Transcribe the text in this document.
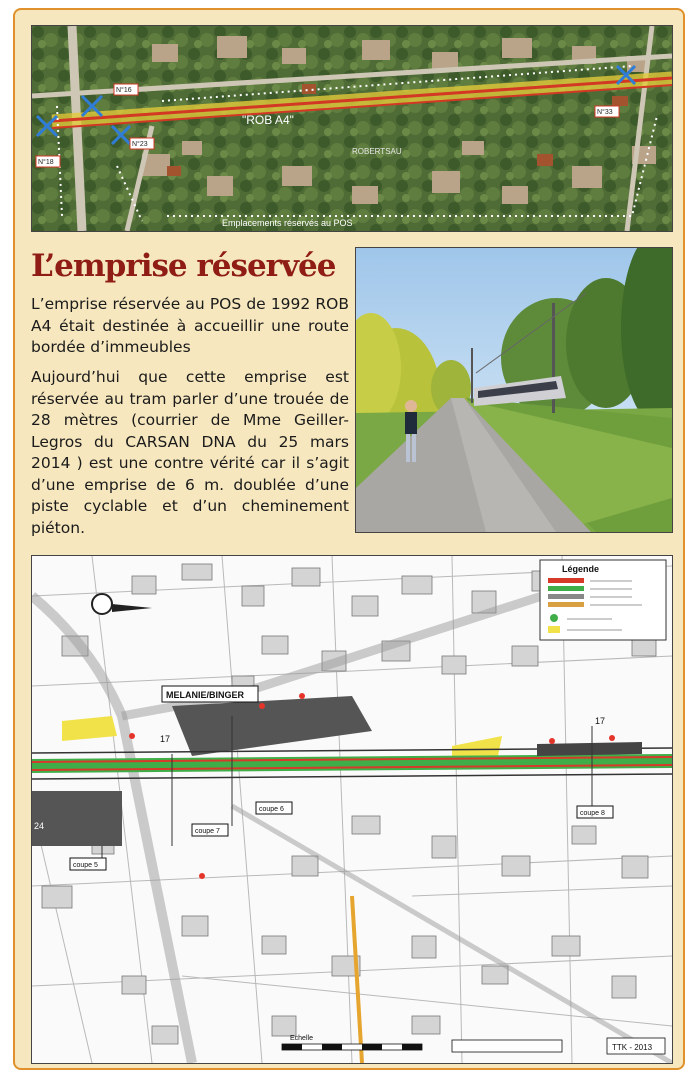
N°16
N°18
N°23
N°33
"ROB A4"
ROBERTSAU
Emplacements réservés au POS
L’emprise réservée

L’emprise réservée au POS de 1992 ROB A4 était destinée à accueillir une route bordée d’immeubles

Aujourd’hui que cette emprise est réservée au tram parler d’une trouée de 28 mètres (courrier de Mme Geiller-Legros du CARSAN DNA du 25 mars 2014 ) est une contre vérité car il s’agit d’une emprise de 6 m. doublée d’une piste cyclable et d’un cheminement piéton.

Légende
MELANIE/BINGER
coupe 6
coupe 7
coupe 5
coupe 8
17
17
24
Echelle
TTK - 2013
